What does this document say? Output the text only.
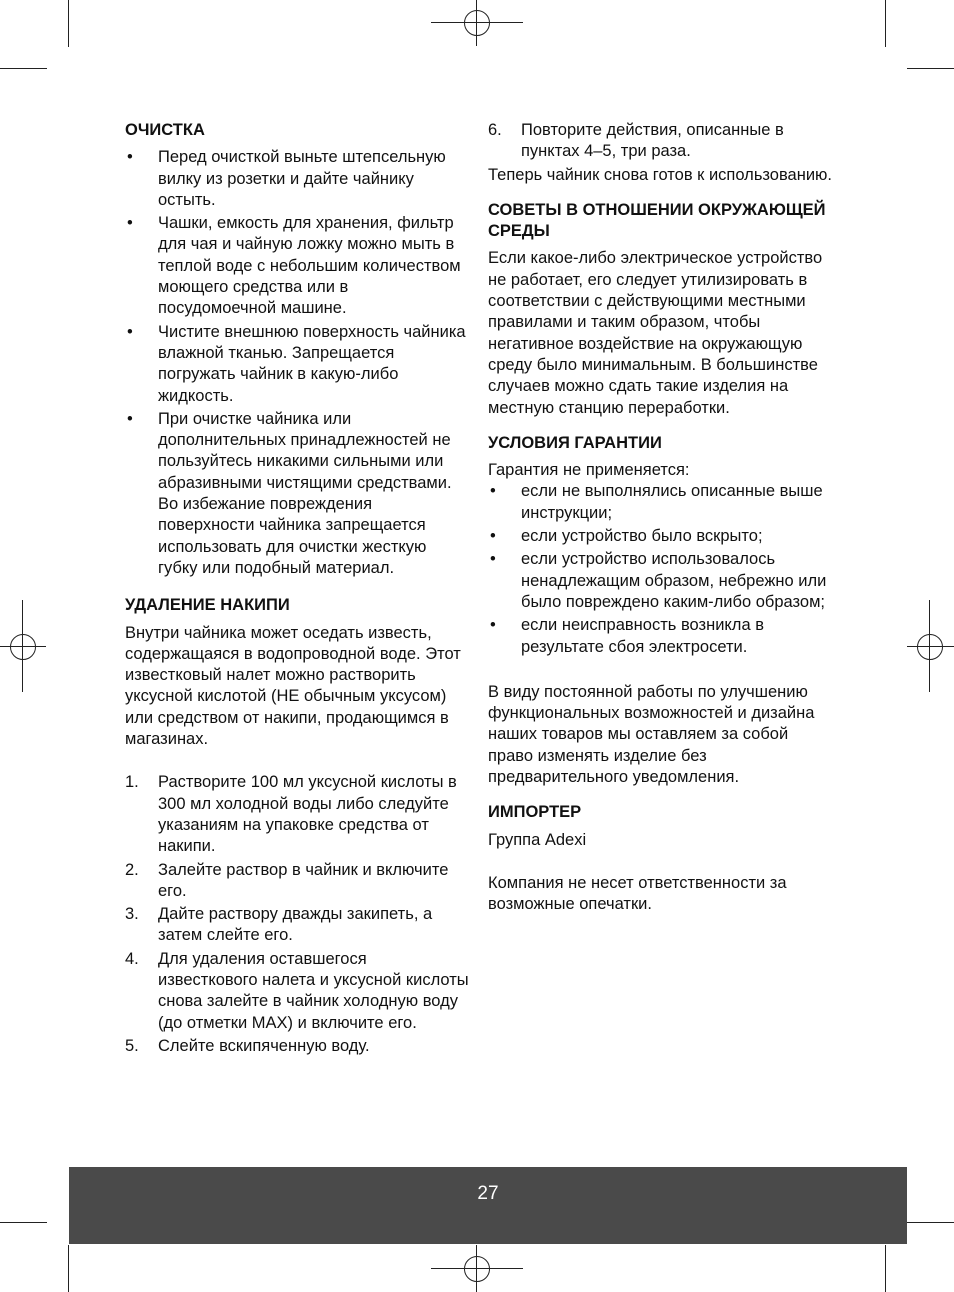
ОЧИСТКА
• Перед очисткой выньте штепсельную вилку из розетки и дайте чайнику остыть.
• Чашки, емкость для хранения, фильтр для чая и чайную ложку можно мыть в теплой воде с небольшим количеством моющего средства или в посудомоечной машине.
• Чистите внешнюю поверхность чайника влажной тканью. Запрещается погружать чайник в какую-либо жидкость.
• При очистке чайника или дополнительных принадлежностей не пользуйтесь никакими сильными или абразивными чистящими средствами. Во избежание повреждения поверхности чайника запрещается использовать для очистки жесткую губку или подобный материал.
УДАЛЕНИЕ НАКИПИ

Внутри чайника может оседать известь, содержащаяся в водопроводной воде. Этот известковый налет можно растворить уксусной кислотой (НЕ обычным уксусом) или средством от накипи, продающимся в магазинах.

1. Растворите 100 мл уксусной кислоты в 300 мл холодной воды либо следуйте указаниям на упаковке средства от накипи.
2. Залейте раствор в чайник и включите его.
3. Дайте раствору дважды закипеть, а затем слейте его.
4. Для удаления оставшегося известкового налета и уксусной кислоты снова залейте в чайник холодную воду (до отметки MAX) и включите его.
5. Слейте вскипяченную воду.
6. Повторите действия, описанные в пунктах 4–5, три раза.

Теперь чайник снова готов к использованию.

СОВЕТЫ В ОТНОШЕНИИ ОКРУЖАЮЩЕЙ СРЕДЫ

Если какое-либо электрическое устройство не работает, его следует утилизировать в соответствии с действующими местными правилами и таким образом, чтобы негативное воздействие на окружающую среду было минимальным. В большинстве случаев можно сдать такие изделия на местную станцию переработки.

УСЛОВИЯ ГАРАНТИИ

Гарантия не применяется:

• если не выполнялись описанные выше инструкции;
• если устройство было вскрыто;
• если устройство использовалось ненадлежащим образом, небрежно или было повреждено каким-либо образом;
• если неисправность возникла в результате сбоя электросети.

В виду постоянной работы по улучшению функциональных возможностей и дизайна наших товаров мы оставляем за собой право изменять изделие без предварительного уведомления.

ИМПОРТЕР

Группа Adexi

Компания не несет ответственности за возможные опечатки.

27
